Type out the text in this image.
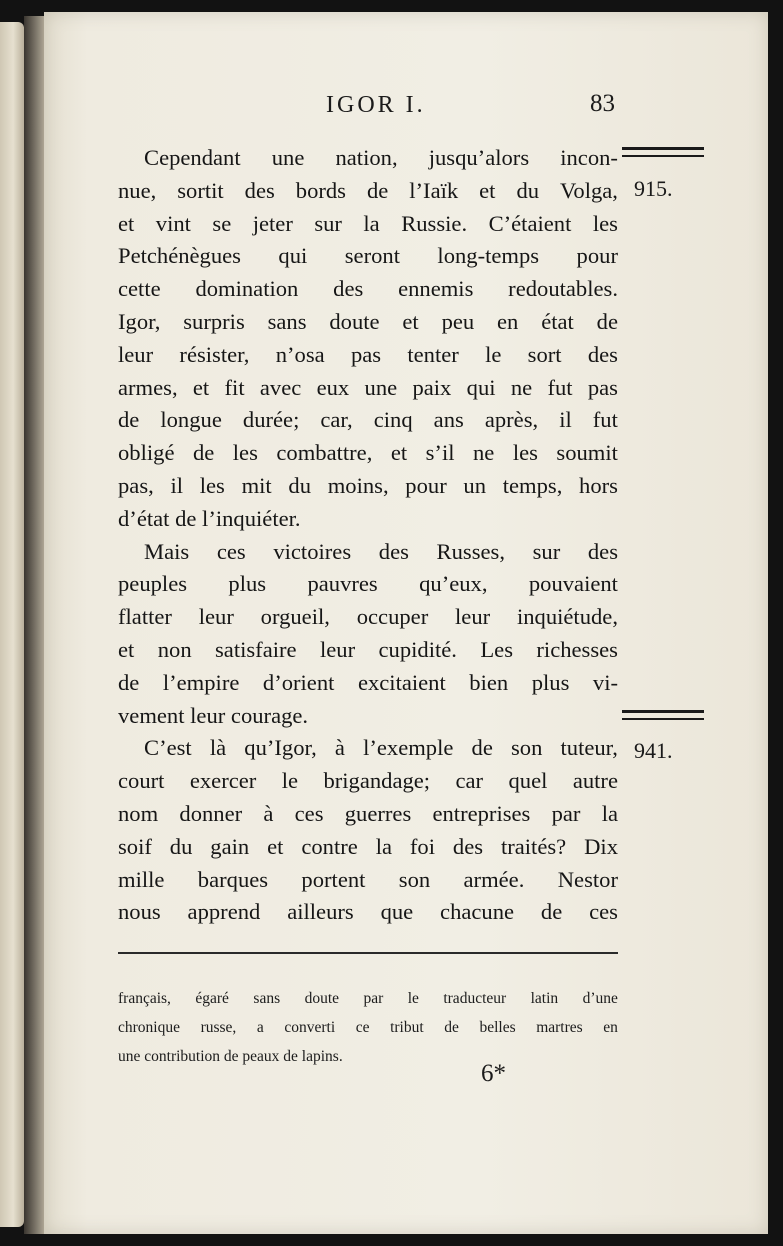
IGOR I.	83
Cependant une nation, jusqu’alors incon-
nue, sortit des bords de l’Iaïk et du Volga,
et vint se jeter sur la Russie. C’étaient les
Petchénègues qui seront long-temps pour
cette domination des ennemis redoutables.
Igor, surpris sans doute et peu en état de
leur résister, n’osa pas tenter le sort des
armes, et fit avec eux une paix qui ne fut pas
de longue durée; car, cinq ans après, il fut
obligé de les combattre, et s’il ne les soumit
pas, il les mit du moins, pour un temps, hors
d’état de l’inquiéter.
Mais ces victoires des Russes, sur des
peuples plus pauvres qu’eux, pouvaient
flatter leur orgueil, occuper leur inquiétude,
et non satisfaire leur cupidité. Les richesses
de l’empire d’orient excitaient bien plus vi-
vement leur courage.
C’est là qu’Igor, à l’exemple de son tuteur,
court exercer le brigandage; car quel autre
nom donner à ces guerres entreprises par la
soif du gain et contre la foi des traités? Dix
mille barques portent son armée. Nestor
nous apprend ailleurs que chacune de ces
915.
941.
français, égaré sans doute par le traducteur latin d’une
chronique russe, a converti ce tribut de belles martres en
une contribution de peaux de lapins.
6*
